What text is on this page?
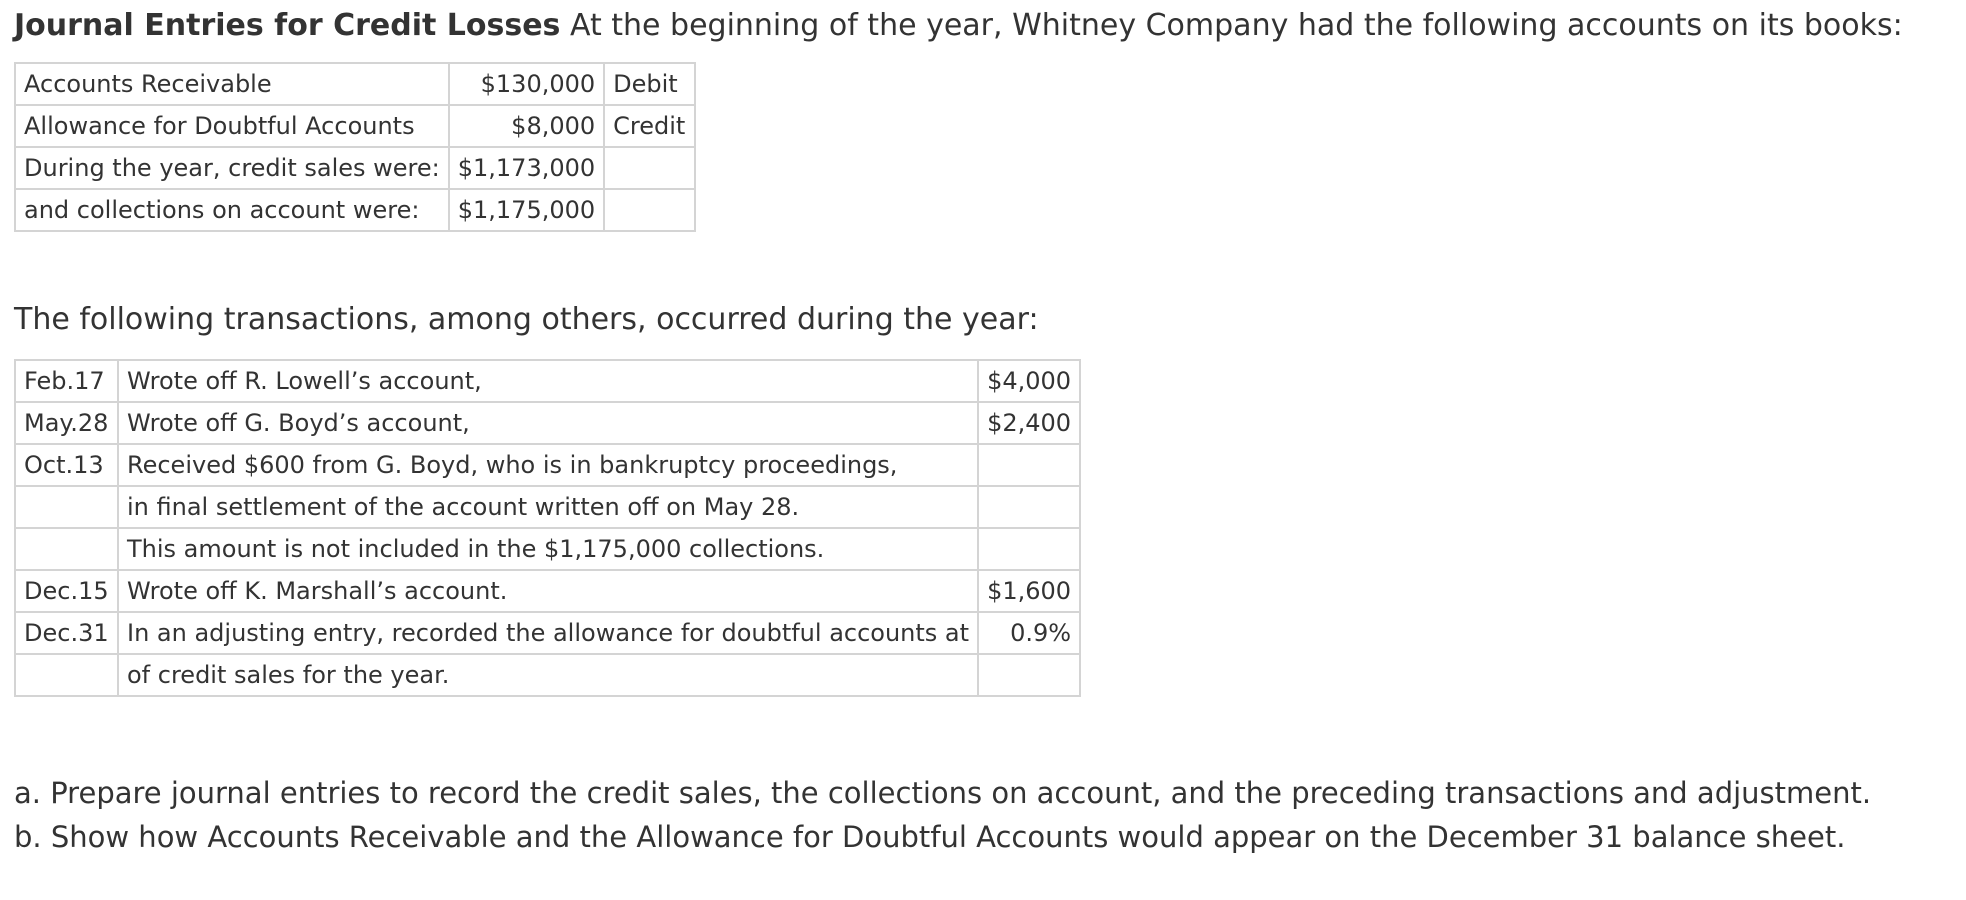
Journal Entries for Credit Losses At the beginning of the year, Whitney Company had the following accounts on its books:
Accounts Receivable	$130,000	Debit
Allowance for Doubtful Accounts	$8,000	Credit
During the year, credit sales were:	$1,173,000	
and collections on account were:	$1,175,000	
The following transactions, among others, occurred during the year:
Feb.17	Wrote off R. Lowell’s account,	$4,000
May.28	Wrote off G. Boyd’s account,	$2,400
Oct.13	Received $600 from G. Boyd, who is in bankruptcy proceedings,	
	in final settlement of the account written off on May 28.	
	This amount is not included in the $1,175,000 collections.	
Dec.15	Wrote off K. Marshall’s account.	$1,600
Dec.31	In an adjusting entry, recorded the allowance for doubtful accounts at	0.9%
	of credit sales for the year.	
a. Prepare journal entries to record the credit sales, the collections on account, and the preceding transactions and adjustment.
b. Show how Accounts Receivable and the Allowance for Doubtful Accounts would appear on the December 31 balance sheet.
